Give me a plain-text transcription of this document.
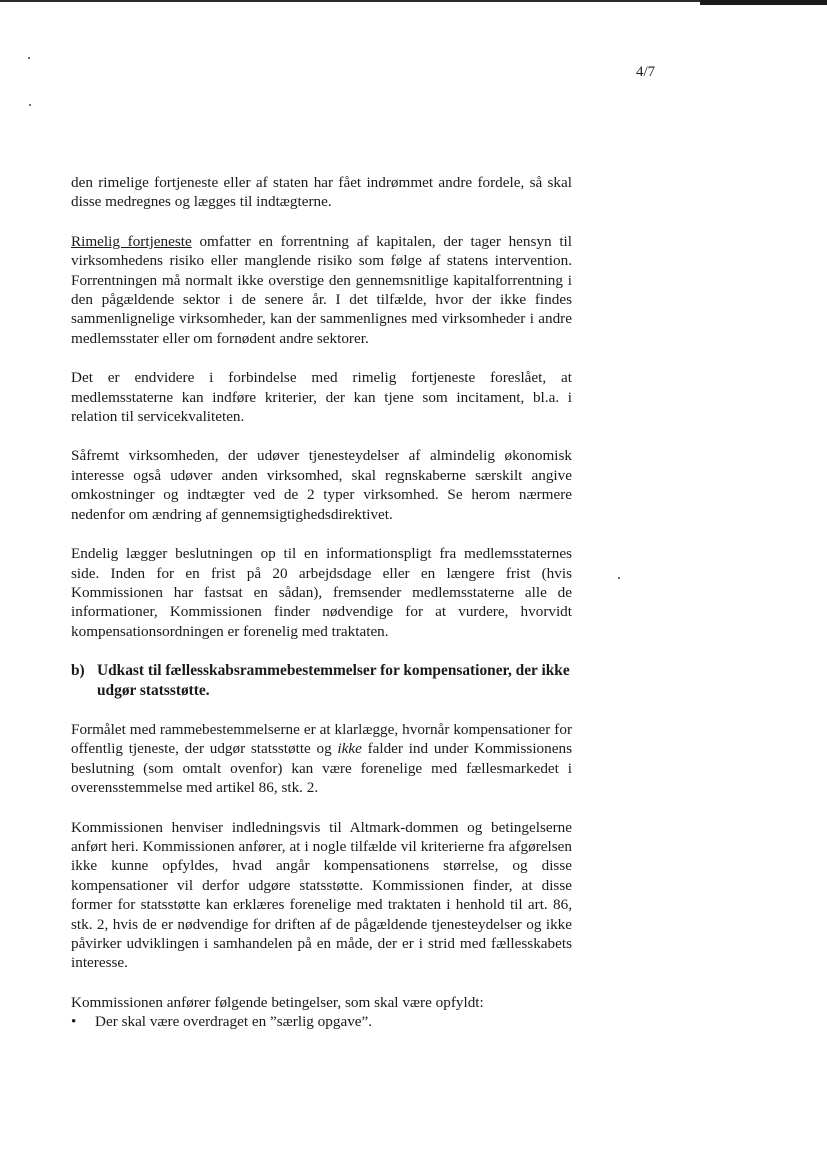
4/7

den rimelige fortjeneste eller af staten har fået indrømmet andre fordele, så skal disse medregnes og lægges til indtægterne.

Rimelig fortjeneste omfatter en forrentning af kapitalen, der tager hensyn til virksomhedens risiko eller manglende risiko som følge af statens intervention. Forrentningen må normalt ikke overstige den gennemsnitlige kapitalforrentning i den pågældende sektor i de senere år. I det tilfælde, hvor der ikke findes sammenlignelige virksomheder, kan der sammenlignes med virksomheder i andre medlemsstater eller om fornødent andre sektorer.

Det er endvidere i forbindelse med rimelig fortjeneste foreslået, at medlemsstaterne kan indføre kriterier, der kan tjene som incitament, bl.a. i relation til servicekvaliteten.

Såfremt virksomheden, der udøver tjenesteydelser af almindelig økonomisk interesse også udøver anden virksomhed, skal regnskaberne særskilt angive omkostninger og indtægter ved de 2 typer virksomhed. Se herom nærmere nedenfor om ændring af gennemsigtighedsdirektivet.

Endelig lægger beslutningen op til en informationspligt fra medlemsstaternes side. Inden for en frist på 20 arbejdsdage eller en længere frist (hvis Kommissionen har fastsat en sådan), fremsender medlemsstaterne alle de informationer, Kommissionen finder nødvendige for at vurdere, hvorvidt kompensationsordningen er forenelig med traktaten.

b) Udkast til fællesskabsrammebestemmelser for kompensationer, der ikke udgør statsstøtte.

Formålet med rammebestemmelserne er at klarlægge, hvornår kompensationer for offentlig tjeneste, der udgør statsstøtte og ikke falder ind under Kommissionens beslutning (som omtalt ovenfor) kan være forenelige med fællesmarkedet i overensstemmelse med artikel 86, stk. 2.

Kommissionen henviser indledningsvis til Altmark-dommen og betingelserne anført heri. Kommissionen anfører, at i nogle tilfælde vil kriterierne fra afgørelsen ikke kunne opfyldes, hvad angår kompensationens størrelse, og disse kompensationer vil derfor udgøre statsstøtte. Kommissionen finder, at disse former for statsstøtte kan erklæres forenelige med traktaten i henhold til art. 86, stk. 2, hvis de er nødvendige for driften af de pågældende tjenesteydelser og ikke påvirker udviklingen i samhandelen på en måde, der er i strid med fællesskabets interesse.

Kommissionen anfører følgende betingelser, som skal være opfyldt:

•	Der skal være overdraget en ”særlig opgave”.
